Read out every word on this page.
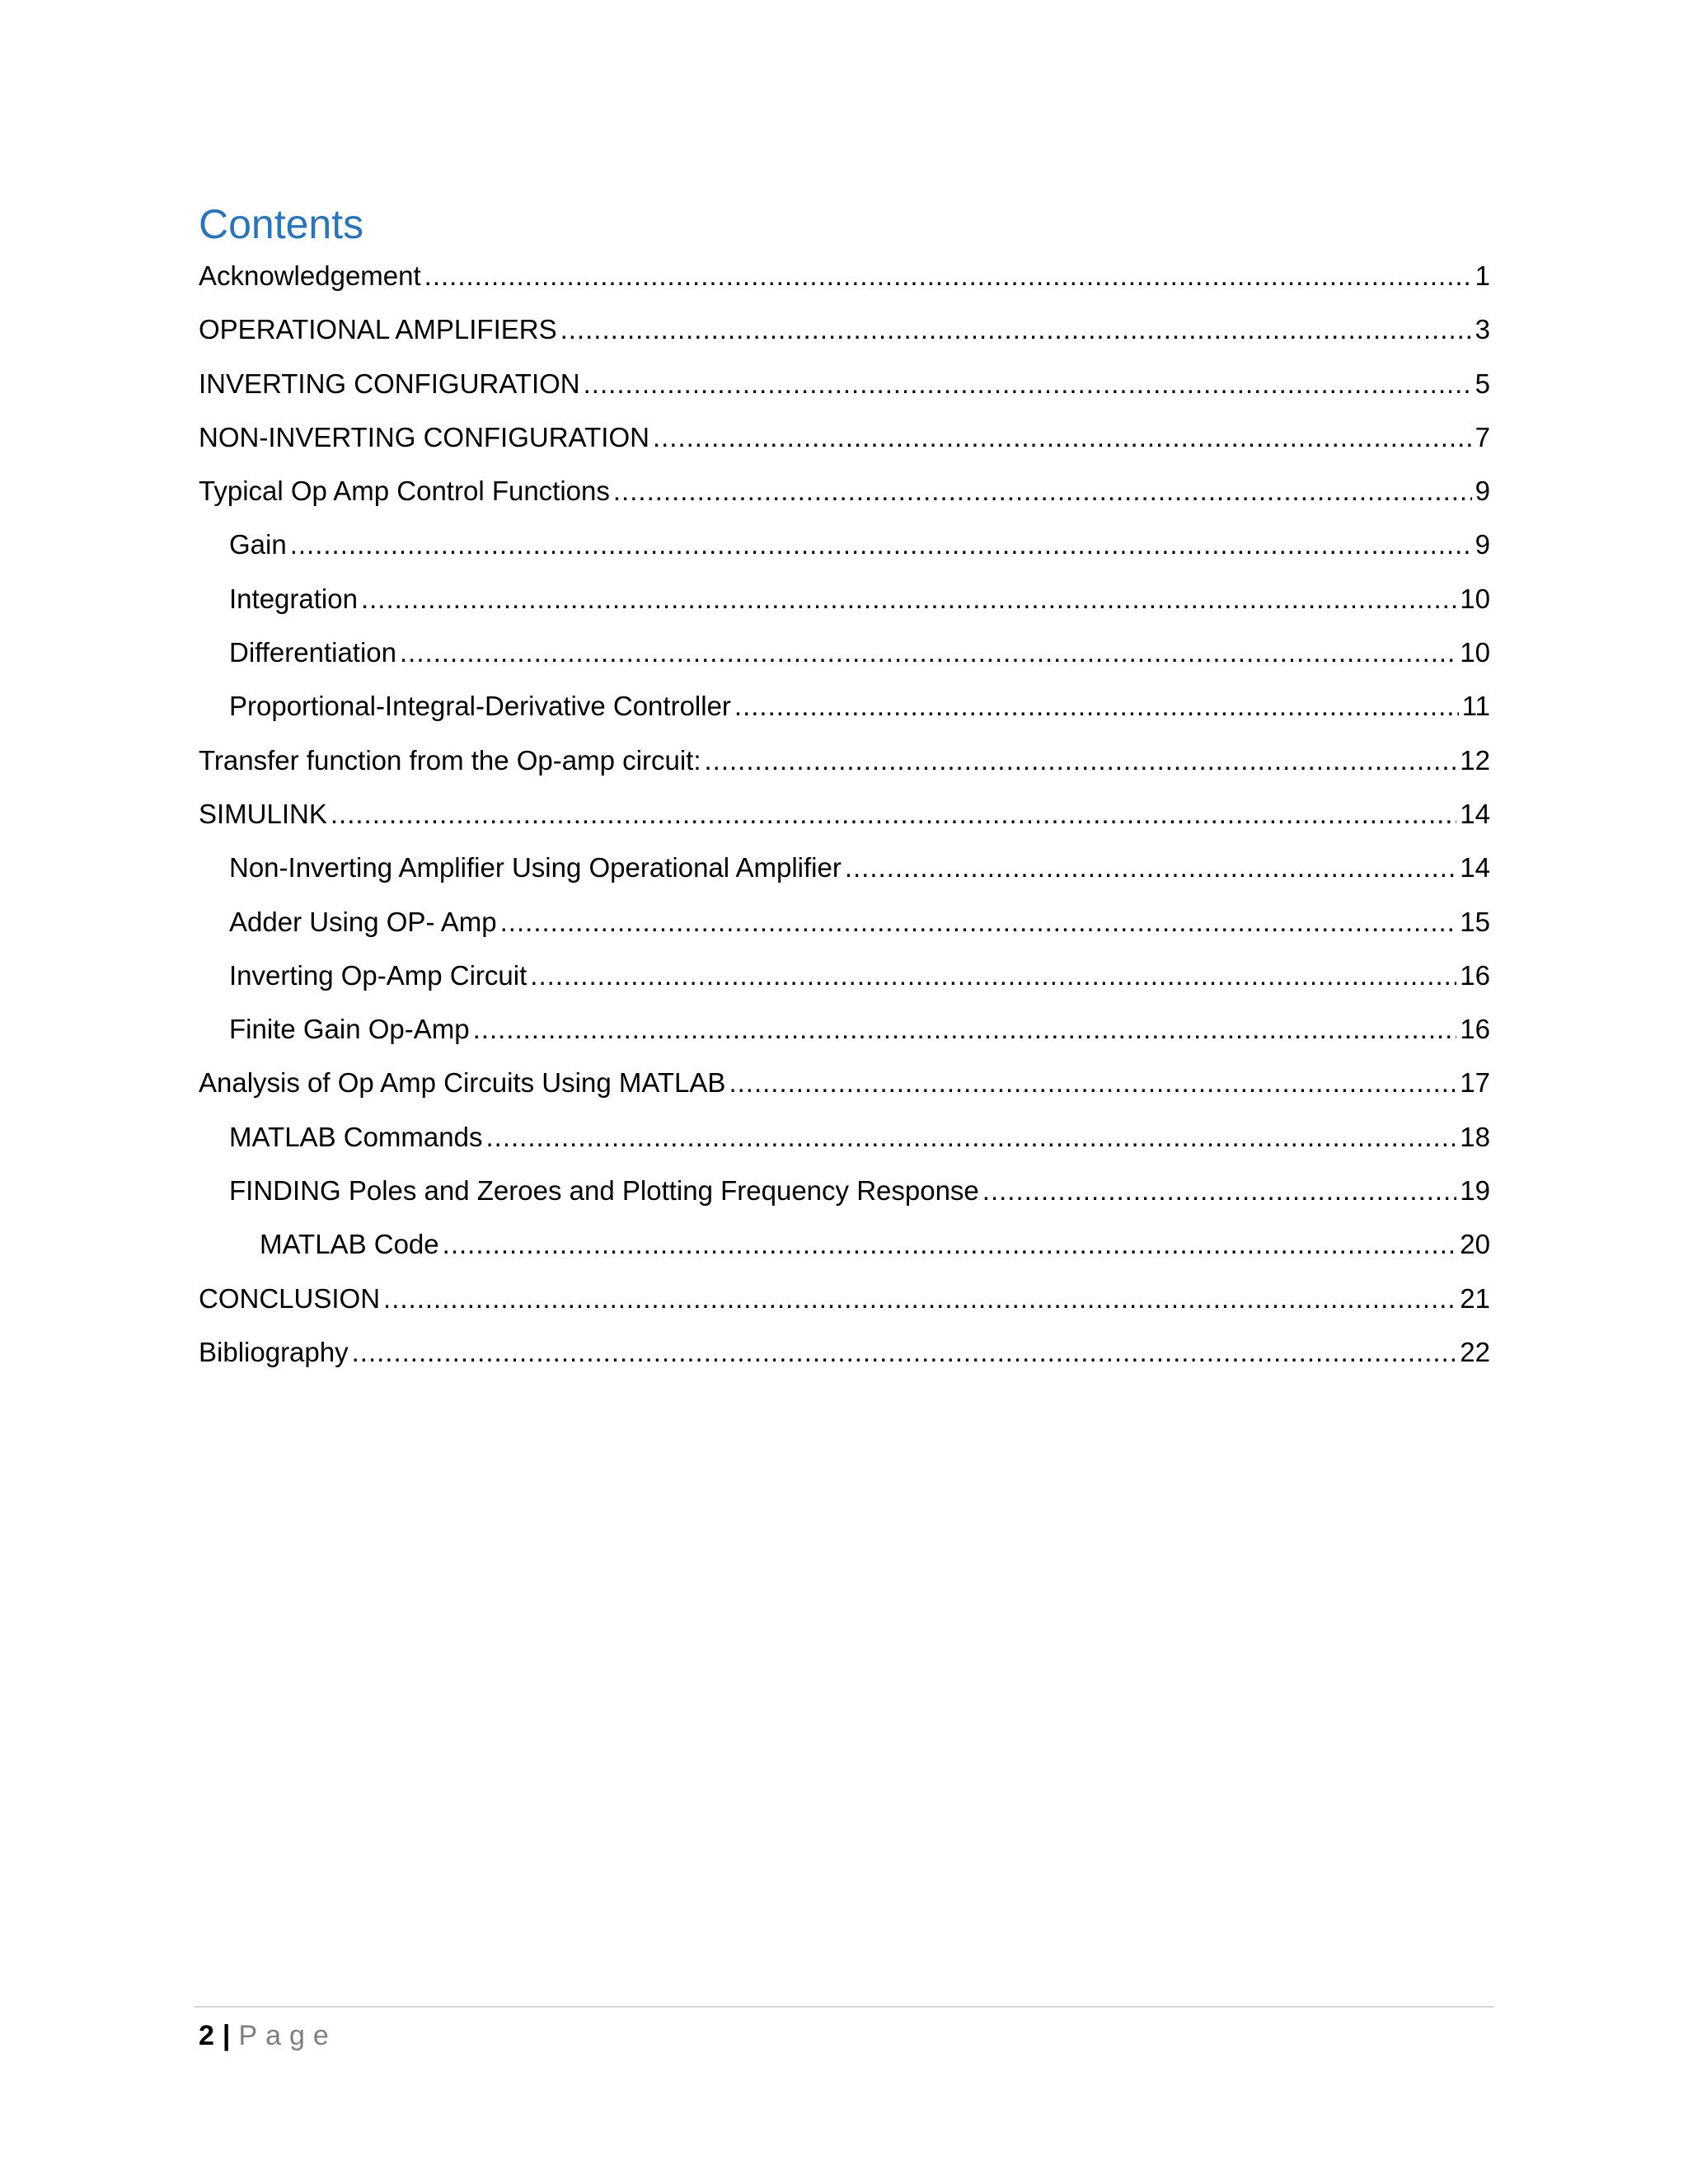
Contents
Acknowledgement .....	1
OPERATIONAL AMPLIFIERS .....	3
INVERTING CONFIGURATION .....	5
NON-INVERTING CONFIGURATION .....	7
Typical Op Amp Control Functions .....	9
Gain .....	9
Integration .....	10
Differentiation .....	10
Proportional-Integral-Derivative Controller .....	11
Transfer function from the Op-amp circuit: .....	12
SIMULINK .....	14
Non-Inverting Amplifier Using Operational Amplifier .....	14
Adder Using OP- Amp .....	15
Inverting Op-Amp Circuit .....	16
Finite Gain Op-Amp .....	16
Analysis of Op Amp Circuits Using MATLAB .....	17
MATLAB Commands .....	18
FINDING Poles and Zeroes and Plotting Frequency Response .....	19
MATLAB Code .....	20
CONCLUSION .....	21
Bibliography .....	22
2 | Page
